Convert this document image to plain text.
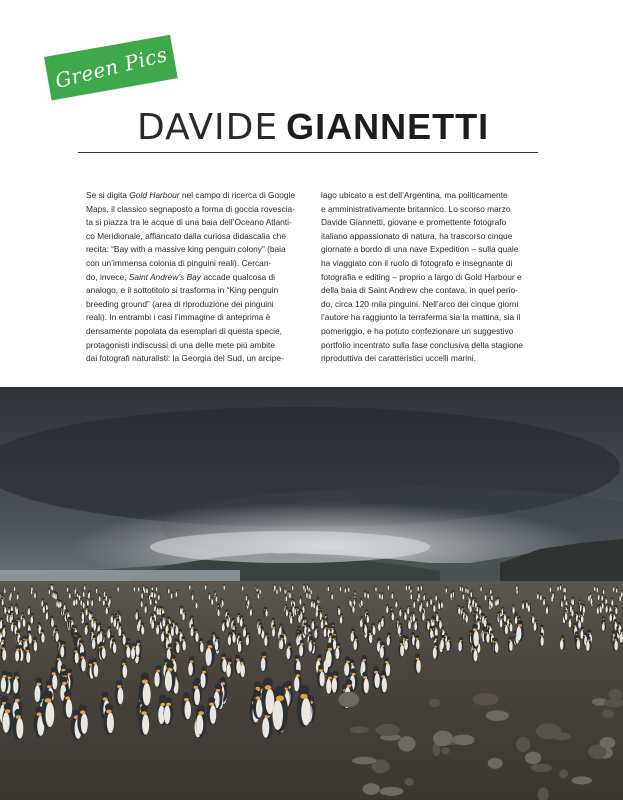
Green Pics
DAVIDE GIANNETTI
Se si digita Gold Harbour nel campo di ricerca di Google
Maps, il classico segnaposto a forma di goccia rovescia-
ta si piazza tra le acque di una baia dell’Oceano Atlanti-
co Meridionale, affiancato dalla curiosa didascalia che
recita: “Bay with a massive king penguin colony” (baia
con un’immensa colonia di pinguini reali). Cercan-
do, invece, Saint Andrew’s Bay accade qualcosa di
analogo, e il sottotitolo si trasforma in “King penguin
breeding ground” (area di riproduzione dei pinguini
reali). In entrambi i casi l’immagine di anteprima è
densamente popolata da esemplari di questa specie,
protagonisti indiscussi di una delle mete più ambite
dai fotografi naturalisti: la Georgia del Sud, un arcipe-
lago ubicato a est dell’Argentina, ma politicamente
e amministrativamente britannico. Lo scorso marzo
Davide Giannetti, giovane e promettente fotografo
italiano appassionato di natura, ha trascorso cinque
giornate a bordo di una nave Expedition – sulla quale
ha viaggiato con il ruolo di fotografo e insegnante di
fotografia e editing – proprio a largo di Gold Harbour e
della baia di Saint Andrew che contava, in quel perio-
do, circa 120 mila pinguini. Nell’arco dei cinque giorni
l’autore ha raggiunto la terraferma sia la mattina, sia il
pomeriggio, e ha potuto confezionare un suggestivo
portfolio incentrato sulla fase conclusiva della stagione
riproduttiva dei caratteristici uccelli marini.
